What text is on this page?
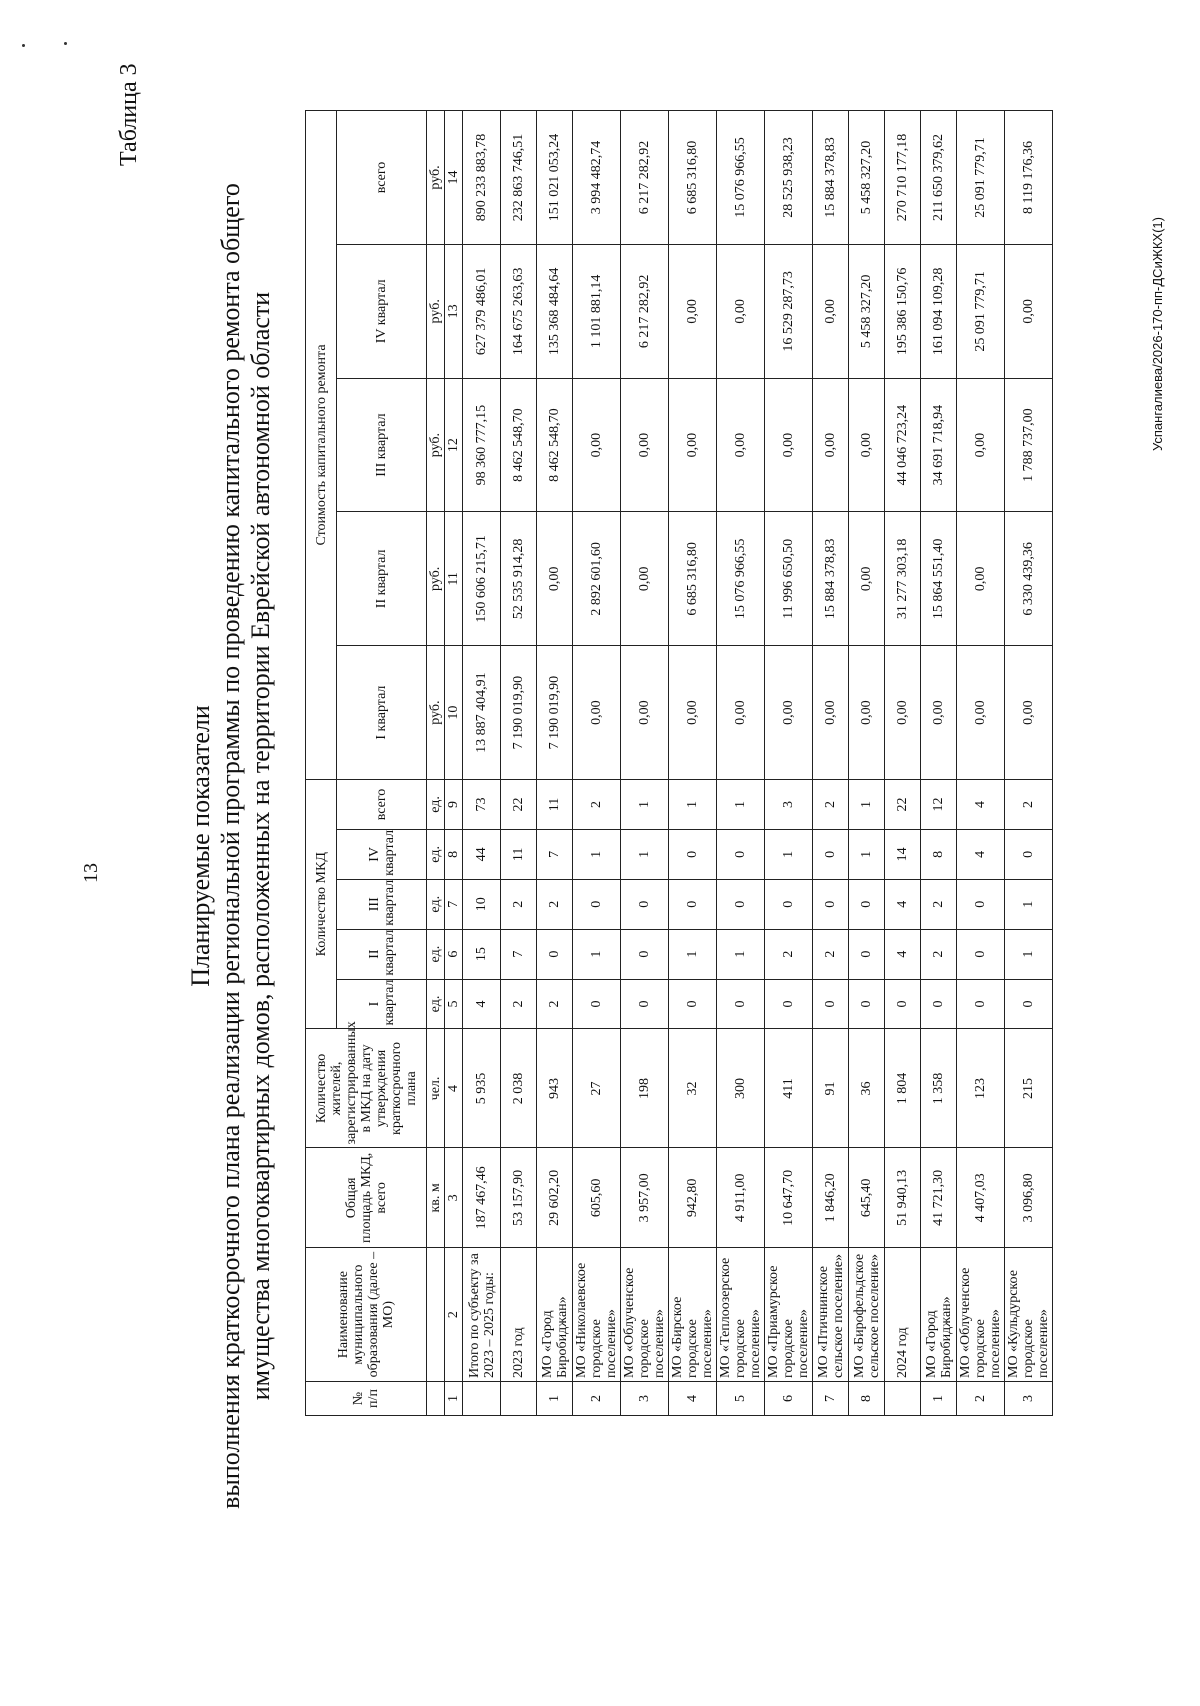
13
Таблица 3
Планируемые показатели выполнения краткосрочного плана реализации региональной программы по проведению капитального ремонта общего имущества многоквартирных домов, расположенных на территории Еврейской автономной области	№ п/п	Наименование муниципального образования (далее – МО)	Общая площадь МКД, всего	Количество жителей, зарегистрированных в МКД на дату утверждения краткосрочного плана	Количество МКД					Стоимость капитального ремонта				
				I квартал	II квартал	III квартал	IV квартал	всего	I квартал	II квартал	III квартал	IV квартал	всего
		кв. м	чел.	ед.	ед.	ед.	ед.	ед.	руб.	руб.	руб.	руб.	руб.
1	2	3	4	5	6	7	8	9	10	11	12	13	14
	Итого по субъекту за 2023 – 2025 годы:	187 467,46	5 935	4	15	10	44	73	13 887 404,91	150 606 215,71	98 360 777,15	627 379 486,01	890 233 883,78
	2023 год	53 157,90	2 038	2	7	2	11	22	7 190 019,90	52 535 914,28	8 462 548,70	164 675 263,63	232 863 746,51
1	МО «Город Биробиджан»	29 602,20	943	2	0	2	7	11	7 190 019,90	0,00	8 462 548,70	135 368 484,64	151 021 053,24
2	МО «Николаевское городское поселение»	605,60	27	0	1	0	1	2	0,00	2 892 601,60	0,00	1 101 881,14	3 994 482,74
3	МО «Облученское городское поселение»	3 957,00	198	0	0	0	1	1	0,00	0,00	0,00	6 217 282,92	6 217 282,92
4	МО «Бирское городское поселение»	942,80	32	0	1	0	0	1	0,00	6 685 316,80	0,00	0,00	6 685 316,80
5	МО «Теплоозерское городское поселение»	4 911,00	300	0	1	0	0	1	0,00	15 076 966,55	0,00	0,00	15 076 966,55
6	МО «Приамурское городское поселение»	10 647,70	411	0	2	0	1	3	0,00	11 996 650,50	0,00	16 529 287,73	28 525 938,23
7	МО «Птичнинское сельское поселение»	1 846,20	91	0	2	0	0	2	0,00	15 884 378,83	0,00	0,00	15 884 378,83
8	МО «Бирофельдское сельское поселение»	645,40	36	0	0	0	1	1	0,00	0,00	0,00	5 458 327,20	5 458 327,20
	2024 год	51 940,13	1 804	0	4	4	14	22	0,00	31 277 303,18	44 046 723,24	195 386 150,76	270 710 177,18
1	МО «Город Биробиджан»	41 721,30	1 358	0	2	2	8	12	0,00	15 864 551,40	34 691 718,94	161 094 109,28	211 650 379,62
2	МО «Облученское городское поселение»	4 407,03	123	0	0	0	4	4	0,00	0,00	0,00	25 091 779,71	25 091 779,71
3	МО «Кульдурское городское поселение»	3 096,80	215	0	1	1	0	2	0,00	6 330 439,36	1 788 737,00	0,00	8 119 176,36
Успангалиева/2026-170-пп-ДСиЖКХ(1)
